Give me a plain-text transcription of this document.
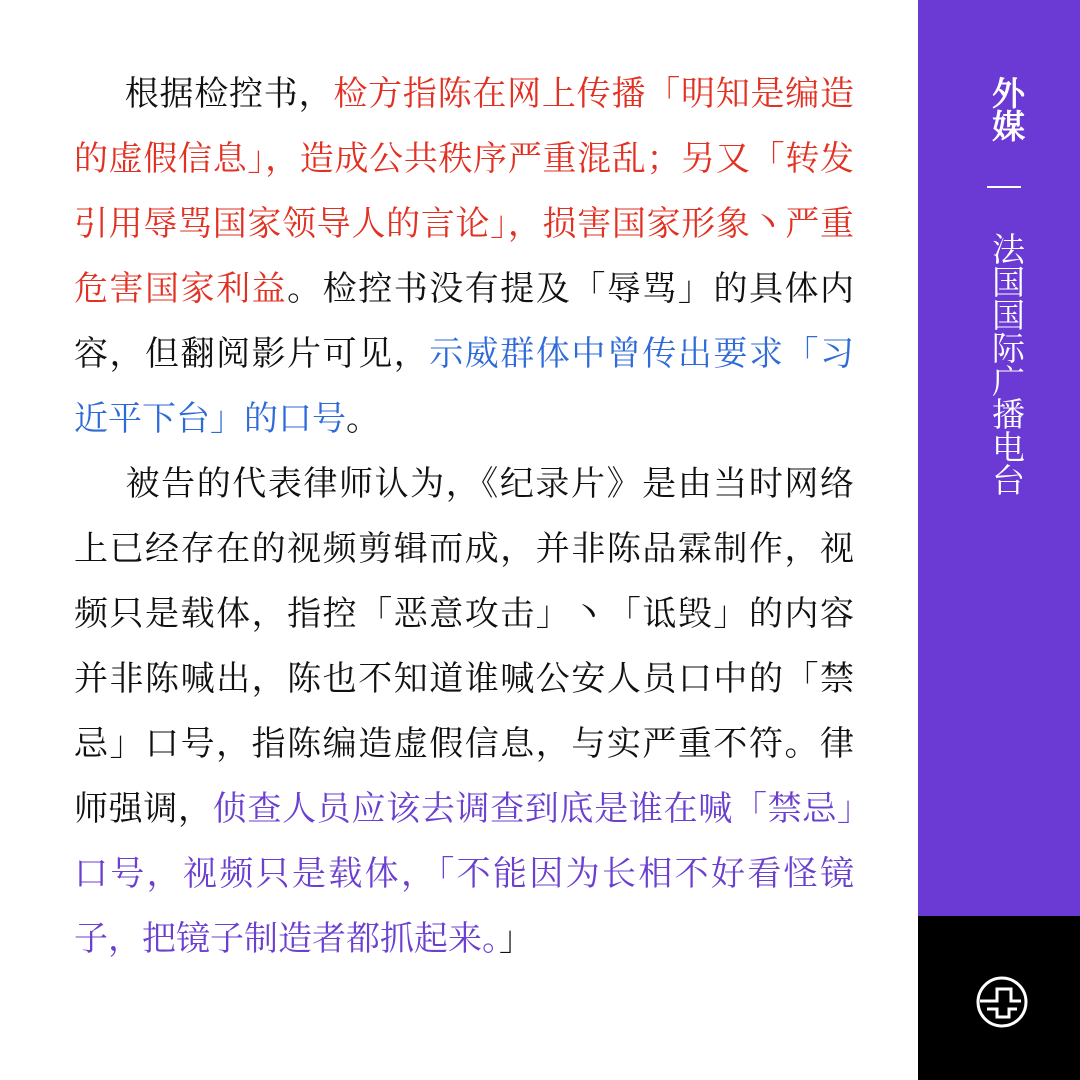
根据检控书，检方指陈在网上传播「明知是编造的虚假信息」，造成公共秩序严重混乱；另又「转发引用辱骂国家领导人的言论」，损害国家形象丶严重危害国家利益。检控书没有提及「辱骂」的具体内容，但翻阅影片可见，示威群体中曾传出要求「习近平下台」的口号。

被告的代表律师认为，《纪录片》是由当时网络上已经存在的视频剪辑而成，并非陈品霖制作，视频只是载体，指控「恶意攻击」丶「诋毁」的内容并非陈喊出，陈也不知道谁喊公安人员口中的「禁忌」口号，指陈编造虚假信息，与实严重不符。律师强调，侦查人员应该去调查到底是谁在喊「禁忌」口号，视频只是载体，「不能因为长相不好看怪镜子，把镜子制造者都抓起来。」

外媒
法国国际广播电台
